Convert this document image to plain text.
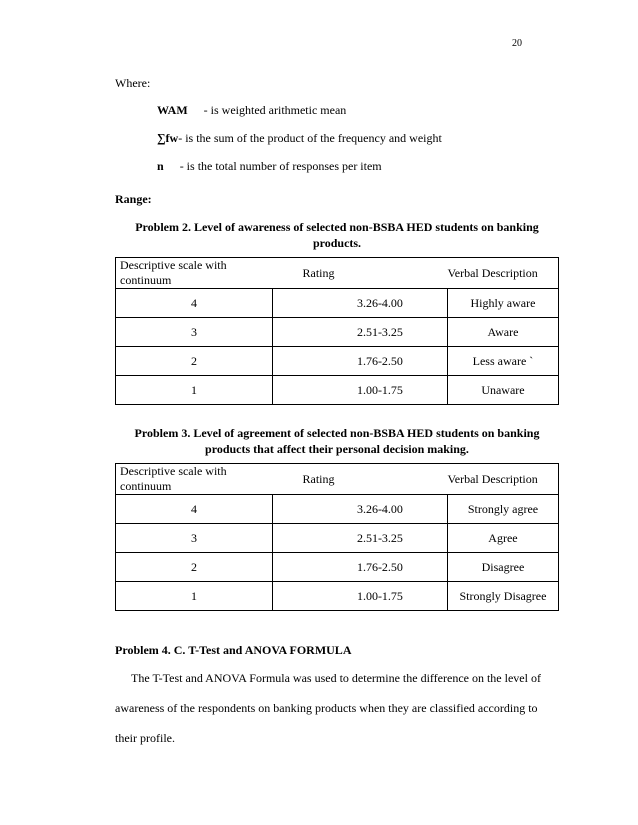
20
Where:
WAM - is weighted arithmetic mean
∑fw- is the sum of the product of the frequency and weight
n - is the total number of responses per item
Range:
Problem 2. Level of awareness of selected non-BSBA HED students on banking
products.
Descriptive scale with continuum	Rating	Verbal Description
4	3.26-4.00	Highly aware
3	2.51-3.25	Aware
2	1.76-2.50	Less aware `
1	1.00-1.75	Unaware
Problem 3. Level of agreement of selected non-BSBA HED students on banking
products that affect their personal decision making.
Descriptive scale with continuum	Rating	Verbal Description
4	3.26-4.00	Strongly agree
3	2.51-3.25	Agree
2	1.76-2.50	Disagree
1	1.00-1.75	Strongly Disagree
Problem 4. C. T-Test and ANOVA FORMULA
The T-Test and ANOVA Formula was used to determine the difference on the level of
awareness of the respondents on banking products when they are classified according to
their profile.
